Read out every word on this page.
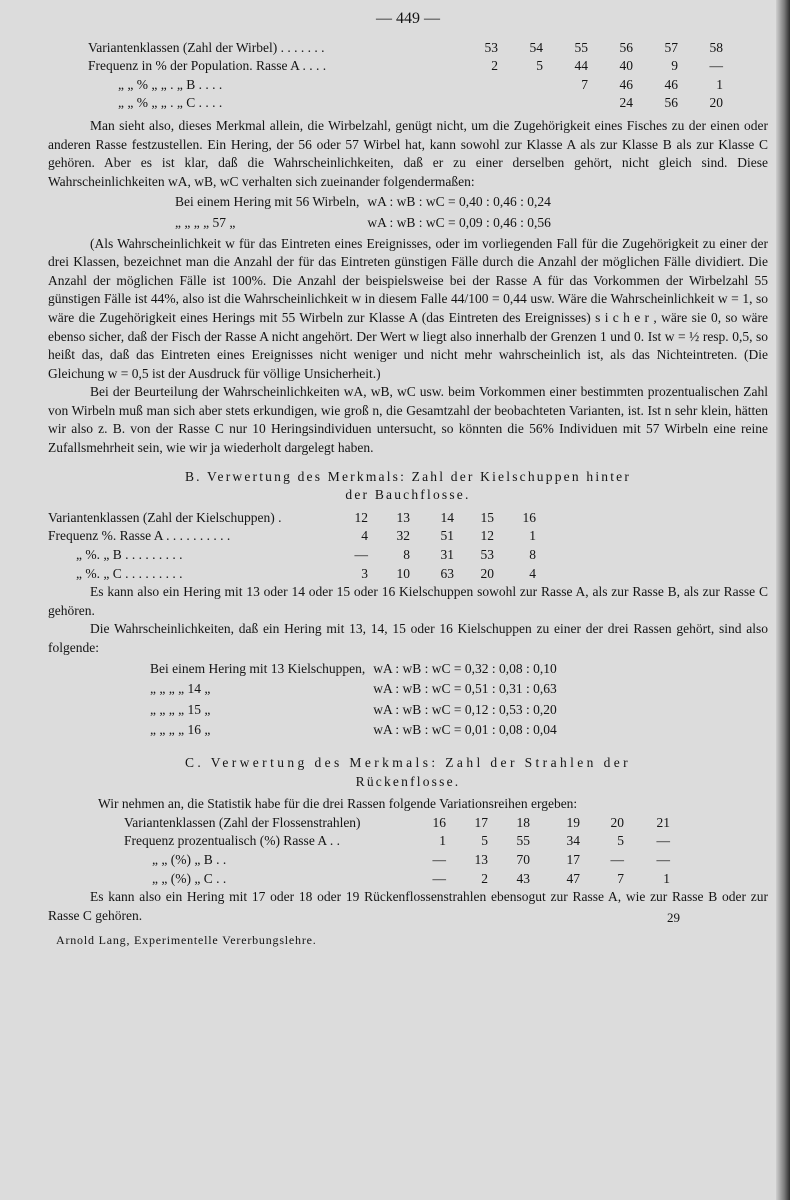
— 449 —
Variantenklassen (Zahl der Wirbel) . . . . . . .	53	54	55	56	57	58
Frequenz in % der Population. Rasse A . . . .	2	5	44	40	9	—
„ „ % „ „ . „ B . . . .			7	46	46	1
„ „ % „ „ . „ C . . . .				24	56	20

Man sieht also, dieses Merkmal allein, die Wirbelzahl, genügt nicht, um die Zugehörigkeit eines Fisches zu der einen oder anderen Rasse festzustellen. Ein Hering, der 56 oder 57 Wirbel hat, kann sowohl zur Klasse A als zur Klasse B als zur Klasse C gehören. Aber es ist klar, daß die Wahrscheinlichkeiten, daß er zu einer derselben gehört, nicht gleich sind. Diese Wahrscheinlichkeiten wA, wB, wC verhalten sich zueinander folgendermaßen:

Bei einem Hering mit 56 Wirbeln,	wA : wB : wC = 0,40 : 0,46 : 0,24
„ „ „ „ 57 „	wA : wB : wC = 0,09 : 0,46 : 0,56

(Als Wahrscheinlichkeit w für das Eintreten eines Ereignisses, oder im vorliegenden Fall für die Zugehörigkeit zu einer der drei Klassen, bezeichnet man die Anzahl der für das Eintreten günstigen Fälle durch die Anzahl der möglichen Fälle dividiert. Die Anzahl der möglichen Fälle ist 100%. Die Anzahl der beispielsweise bei der Rasse A für das Vorkommen der Wirbelzahl 55 günstigen Fälle ist 44%, also ist die Wahrscheinlichkeit w in diesem Falle 44/100 = 0,44 usw. Wäre die Wahrscheinlichkeit w = 1, so wäre die Zugehörigkeit eines Herings mit 55 Wirbeln zur Klasse A (das Eintreten des Ereignisses) s i c h e r , wäre sie 0, so wäre ebenso sicher, daß der Fisch der Rasse A nicht angehört. Der Wert w liegt also innerhalb der Grenzen 1 und 0. Ist w = ½ resp. 0,5, so heißt das, daß das Eintreten eines Ereignisses nicht weniger und nicht mehr wahrscheinlich ist, als das Nichteintreten. (Die Gleichung w = 0,5 ist der Ausdruck für völlige Unsicherheit.)

Bei der Beurteilung der Wahrscheinlichkeiten wA, wB, wC usw. beim Vorkommen einer bestimmten prozentualischen Zahl von Wirbeln muß man sich aber stets erkundigen, wie groß n, die Gesamtzahl der beobachteten Varianten, ist. Ist n sehr klein, hätten wir also z. B. von der Rasse C nur 10 Heringsindividuen untersucht, so könnten die 56% Individuen mit 57 Wirbeln eine reine Zufallsmehrheit sein, wie wir ja wiederholt dargelegt haben.

B. Verwertung des Merkmals: Zahl der Kielschuppen hinter
der Bauchflosse.
Variantenklassen (Zahl der Kielschuppen) .	12	13	14	15	16
Frequenz %. Rasse A . . . . . . . . . .	4	32	51	12	1
„ %. „ B . . . . . . . . .	—	8	31	53	8
„ %. „ C . . . . . . . . .	3	10	63	20	4

Es kann also ein Hering mit 13 oder 14 oder 15 oder 16 Kielschuppen sowohl zur Rasse A, als zur Rasse B, als zur Rasse C gehören.

Die Wahrscheinlichkeiten, daß ein Hering mit 13, 14, 15 oder 16 Kielschuppen zu einer der drei Rassen gehört, sind also folgende:

Bei einem Hering mit 13 Kielschuppen,	wA : wB : wC = 0,32 : 0,08 : 0,10
„ „ „ „ 14 „	wA : wB : wC = 0,51 : 0,31 : 0,63
„ „ „ „ 15 „	wA : wB : wC = 0,12 : 0,53 : 0,20
„ „ „ „ 16 „	wA : wB : wC = 0,01 : 0,08 : 0,04
C. Verwertung des Merkmals: Zahl der Strahlen der
Rückenflosse.

Wir nehmen an, die Statistik habe für die drei Rassen folgende Variationsreihen ergeben:

Variantenklassen (Zahl der Flossenstrahlen)	16	17	18	19	20	21
Frequenz prozentualisch (%) Rasse A . .	1	5	55	34	5	—
„ „ (%) „ B . .	—	13	70	17	—	—
„ „ (%) „ C . .	—	2	43	47	7	1

Es kann also ein Hering mit 17 oder 18 oder 19 Rückenflossenstrahlen ebensogut zur Rasse A, wie zur Rasse B oder zur Rasse C gehören.	29
Arnold Lang, Experimentelle Vererbungslehre.
